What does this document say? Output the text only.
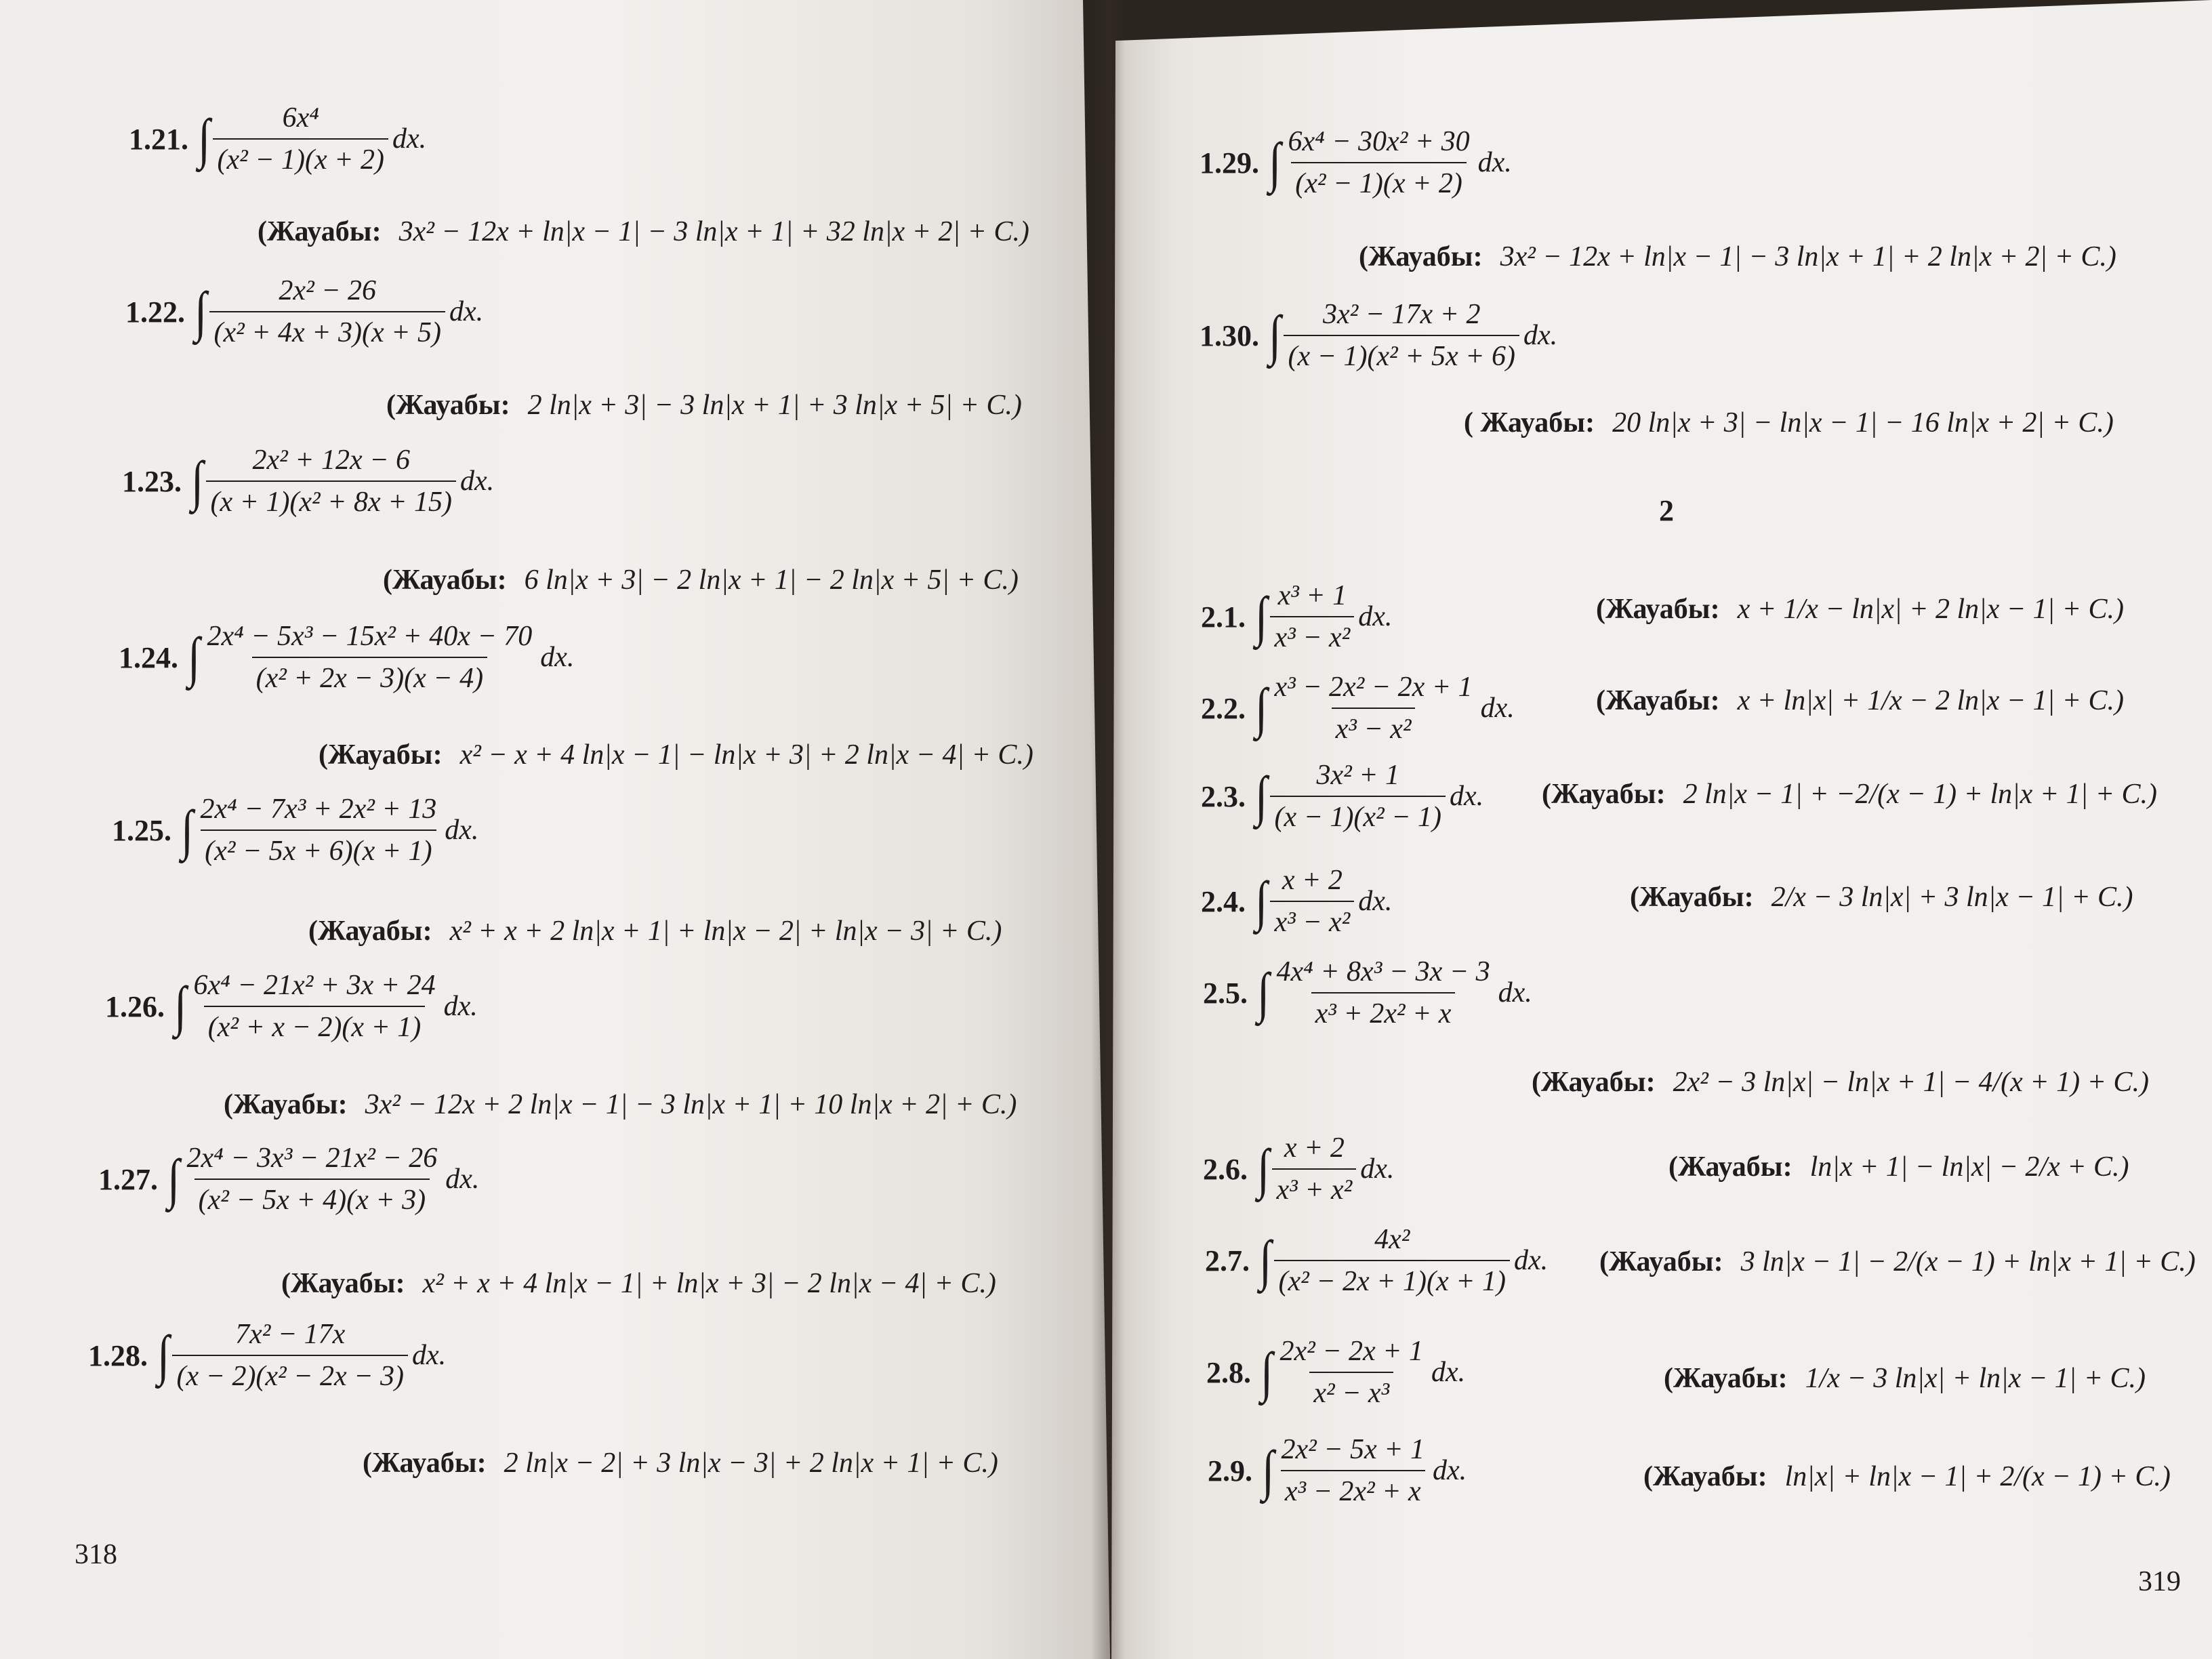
1.21. ∫ $\frac{\text{6x⁴}}{\text{(x² − 1)(x + 2)}}$ dx.
(Жауабы: 3x² − 12x + ln|x − 1| − 3 ln|x + 1| + 32 ln|x + 2| + C.)
1.22. ∫ $\frac{\text{2x² − 26}}{\text{(x² + 4x + 3)(x + 5)}}$ dx.
(Жауабы: 2 ln|x + 3| − 3 ln|x + 1| + 3 ln|x + 5| + C.)
1.23. ∫ $\frac{\text{2x² + 12x − 6}}{\text{(x + 1)(x² + 8x + 15)}}$ dx.
(Жауабы: 6 ln|x + 3| − 2 ln|x + 1| − 2 ln|x + 5| + C.)
1.24. ∫ $\frac{\text{2x⁴ − 5x³ − 15x² + 40x − 70}}{\text{(x² + 2x − 3)(x − 4)}}$ dx.
(Жауабы: x² − x + 4 ln|x − 1| − ln|x + 3| + 2 ln|x − 4| + C.)
1.25. ∫ $\frac{\text{2x⁴ − 7x³ + 2x² + 13}}{\text{(x² − 5x + 6)(x + 1)}}$ dx.
(Жауабы: x² + x + 2 ln|x + 1| + ln|x − 2| + ln|x − 3| + C.)
1.26. ∫ $\frac{\text{6x⁴ − 21x² + 3x + 24}}{\text{(x² + x − 2)(x + 1)}}$ dx.
(Жауабы: 3x² − 12x + 2 ln|x − 1| − 3 ln|x + 1| + 10 ln|x + 2| + C.)
1.27. ∫ $\frac{\text{2x⁴ − 3x³ − 21x² − 26}}{\text{(x² − 5x + 4)(x + 3)}}$ dx.
(Жауабы: x² + x + 4 ln|x − 1| + ln|x + 3| − 2 ln|x − 4| + C.)
1.28. ∫ $\frac{\text{7x² − 17x}}{\text{(x − 2)(x² − 2x − 3)}}$ dx.
(Жауабы: 2 ln|x − 2| + 3 ln|x − 3| + 2 ln|x + 1| + C.)
318
1.29. ∫ $\frac{\text{6x⁴ − 30x² + 30}}{\text{(x² − 1)(x + 2)}}$ dx.
(Жауабы: 3x² − 12x + ln|x − 1| − 3 ln|x + 1| + 2 ln|x + 2| + C.)
1.30. ∫ $\frac{\text{3x² − 17x + 2}}{\text{(x − 1)(x² + 5x + 6)}}$ dx.
( Жауабы: 20 ln|x + 3| − ln|x − 1| − 16 ln|x + 2| + C.)
2
2.1. ∫ $\frac{\text{x³ + 1}}{\text{x³ − x²}}$ dx.	(Жауабы: x + 1/x − ln|x| + 2 ln|x − 1| + C.)
2.2. ∫ $\frac{\text{x³ − 2x² − 2x + 1}}{\text{x³ − x²}}$ dx.	(Жауабы: x + ln|x| + 1/x − 2 ln|x − 1| + C.)
2.3. ∫ $\frac{\text{3x² + 1}}{\text{(x − 1)(x² − 1)}}$ dx. (Жауабы: 2 ln|x − 1| + −2/(x − 1) + ln|x + 1| + C.)
2.4. ∫ $\frac{x + 2}{\text{x³ − x²}}$ dx.	(Жауабы: 2/x − 3 ln|x| + 3 ln|x − 1| + C.)
2.5. ∫ $\frac{\text{4x⁴ + 8x³ − 3x − 3}}{\text{x³ + 2x² + x}}$ dx.
(Жауабы: 2x² − 3 ln|x| − ln|x + 1| − 4/(x + 1) + C.)
2.6. ∫ $\frac{x + 2}{\text{x³ + x²}}$ dx.	(Жауабы: ln|x + 1| − ln|x| − 2/x + C.)
2.7. ∫ $\frac{\text{4x²}}{\text{(x² − 2x + 1)(x + 1)}}$ dx. (Жауабы: 3 ln|x − 1| − 2/(x − 1) + ln|x + 1| + C.)
2.8. ∫ $\frac{\text{2x² − 2x + 1}}{\text{x² − x³}}$ dx.	(Жауабы: 1/x − 3 ln|x| + ln|x − 1| + C.)
2.9. ∫ $\frac{\text{2x² − 5x + 1}}{\text{x³ − 2x² + x}}$ dx.	(Жауабы: ln|x| + ln|x − 1| + 2/(x − 1) + C.)
319
